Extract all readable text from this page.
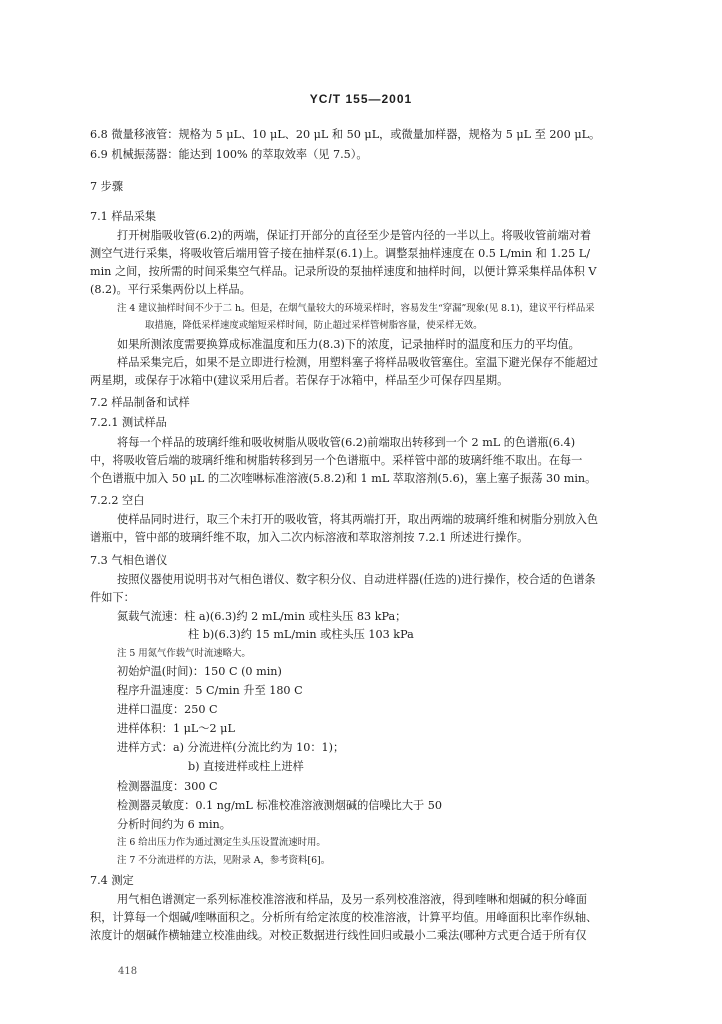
YC/T 155—2001
6.8 微量移液管：规格为 5 μL、10 μL、20 μL 和 50 μL，或微量加样器，规格为 5 μL 至 200 μL。
6.9 机械振荡器：能达到 100% 的萃取效率（见 7.5）。
7 步骤
7.1 样品采集
打开树脂吸收管(6.2)的两端，保证打开部分的直径至少是管内径的一半以上。将吸收管前端对着
测空气进行采集，将吸收管后端用管子接在抽样泵(6.1)上。调整泵抽样速度在 0.5 L/min 和 1.25 L/
min 之间，按所需的时间采集空气样品。记录所设的泵抽样速度和抽样时间，以便计算采集样品体积 V
(8.2)。平行采集两份以上样品。
注 4 建议抽样时间不少于二 h。但是，在烟气量较大的环境采样时，容易发生“穿漏”现象(见 8.1)，建议平行样品采
取措施，降低采样速度或缩短采样时间，防止超过采样管树脂容量，使采样无效。
如果所测浓度需要换算成标准温度和压力(8.3)下的浓度，记录抽样时的温度和压力的平均值。
样品采集完后，如果不是立即进行检测，用塑料塞子将样品吸收管塞住。室温下避光保存不能超过
两星期，或保存于冰箱中(建议采用后者。若保存于冰箱中，样品至少可保存四星期。
7.2 样品制备和试样
7.2.1 测试样品
将每一个样品的玻璃纤维和吸收树脂从吸收管(6.2)前端取出转移到一个 2 mL 的色谱瓶(6.4)
中，将吸收管后端的玻璃纤维和树脂转移到另一个色谱瓶中。采样管中部的玻璃纤维不取出。在每一
个色谱瓶中加入 50 μL 的二次喹啉标准溶液(5.8.2)和 1 mL 萃取溶剂(5.6)，塞上塞子振荡 30 min。
7.2.2 空白
使样品同时进行，取三个未打开的吸收管，将其两端打开，取出两端的玻璃纤维和树脂分别放入色
谱瓶中，管中部的玻璃纤维不取，加入二次内标溶液和萃取溶剂按 7.2.1 所述进行操作。
7.3 气相色谱仪
按照仪器使用说明书对气相色谱仪、数字积分仪、自动进样器(任选的)进行操作，校合适的色谱条
件如下：
氮载气流速：柱 a)(6.3)约 2 mL/min 或柱头压 83 kPa；
柱 b)(6.3)约 15 mL/min 或柱头压 103 kPa
注 5 用氮气作载气时流速略大。
初始炉温(时间)：150 C (0 min)
程序升温速度：5 C/min 升至 180 C
进样口温度：250 C
进样体积：1 μL～2 μL
进样方式：a) 分流进样(分流比约为 10：1)；
b) 直接进样或柱上进样
检测器温度：300 C
检测器灵敏度：0.1 ng/mL 标准校准溶液测烟碱的信噪比大于 50
分析时间约为 6 min。
注 6 给出压力作为通过测定生头压设置流速时用。
注 7 不分流进样的方法，见附录 A，参考资料[6]。
7.4 测定
用气相色谱测定一系列标准校准溶液和样品，及另一系列校准溶液，得到喹啉和烟碱的积分峰面
积，计算每一个烟碱/喹啉面积之。分析所有给定浓度的校准溶液，计算平均值。用峰面积比率作纵轴、
浓度计的烟碱作横轴建立校准曲线。对校正数据进行线性回归或最小二乘法(哪种方式更合适于所有仅
418
